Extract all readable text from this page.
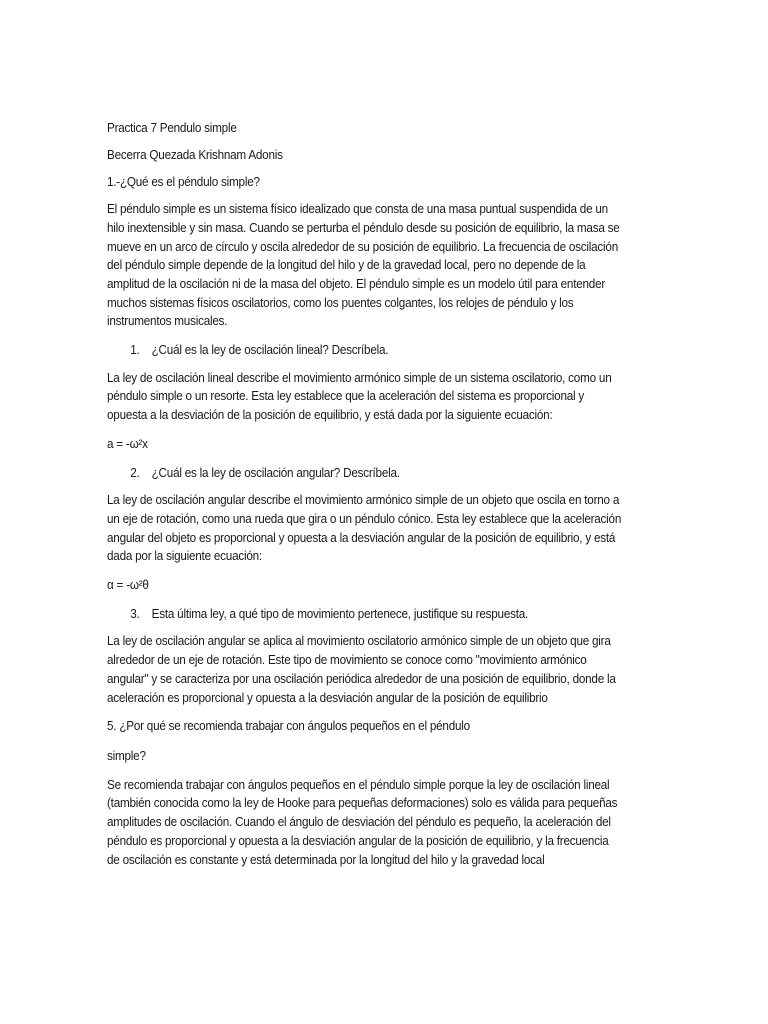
Practica 7 Pendulo simple

Becerra Quezada Krishnam Adonis

1.-¿Qué es el péndulo simple?

El péndulo simple es un sistema físico idealizado que consta de una masa puntual suspendida de un hilo inextensible y sin masa. Cuando se perturba el péndulo desde su posición de equilibrio, la masa se mueve en un arco de círculo y oscila alrededor de su posición de equilibrio. La frecuencia de oscilación del péndulo simple depende de la longitud del hilo y de la gravedad local, pero no depende de la amplitud de la oscilación ni de la masa del objeto. El péndulo simple es un modelo útil para entender muchos sistemas físicos oscilatorios, como los puentes colgantes, los relojes de péndulo y los instrumentos musicales.

1. ¿Cuál es la ley de oscilación lineal? Descríbela.

La ley de oscilación lineal describe el movimiento armónico simple de un sistema oscilatorio, como un péndulo simple o un resorte. Esta ley establece que la aceleración del sistema es proporcional y opuesta a la desviación de la posición de equilibrio, y está dada por la siguiente ecuación:

a = -ω²x

2. ¿Cuál es la ley de oscilación angular? Descríbela.

La ley de oscilación angular describe el movimiento armónico simple de un objeto que oscila en torno a un eje de rotación, como una rueda que gira o un péndulo cónico. Esta ley establece que la aceleración angular del objeto es proporcional y opuesta a la desviación angular de la posición de equilibrio, y está dada por la siguiente ecuación:

α = -ω²θ

3. Esta última ley, a qué tipo de movimiento pertenece, justifique su respuesta.

La ley de oscilación angular se aplica al movimiento oscilatorio armónico simple de un objeto que gira alrededor de un eje de rotación. Este tipo de movimiento se conoce como "movimiento armónico angular" y se caracteriza por una oscilación periódica alrededor de una posición de equilibrio, donde la aceleración es proporcional y opuesta a la desviación angular de la posición de equilibrio

5. ¿Por qué se recomienda trabajar con ángulos pequeños en el péndulo

simple?

Se recomienda trabajar con ángulos pequeños en el péndulo simple porque la ley de oscilación lineal (también conocida como la ley de Hooke para pequeñas deformaciones) solo es válida para pequeñas amplitudes de oscilación. Cuando el ángulo de desviación del péndulo es pequeño, la aceleración del péndulo es proporcional y opuesta a la desviación angular de la posición de equilibrio, y la frecuencia de oscilación es constante y está determinada por la longitud del hilo y la gravedad local
